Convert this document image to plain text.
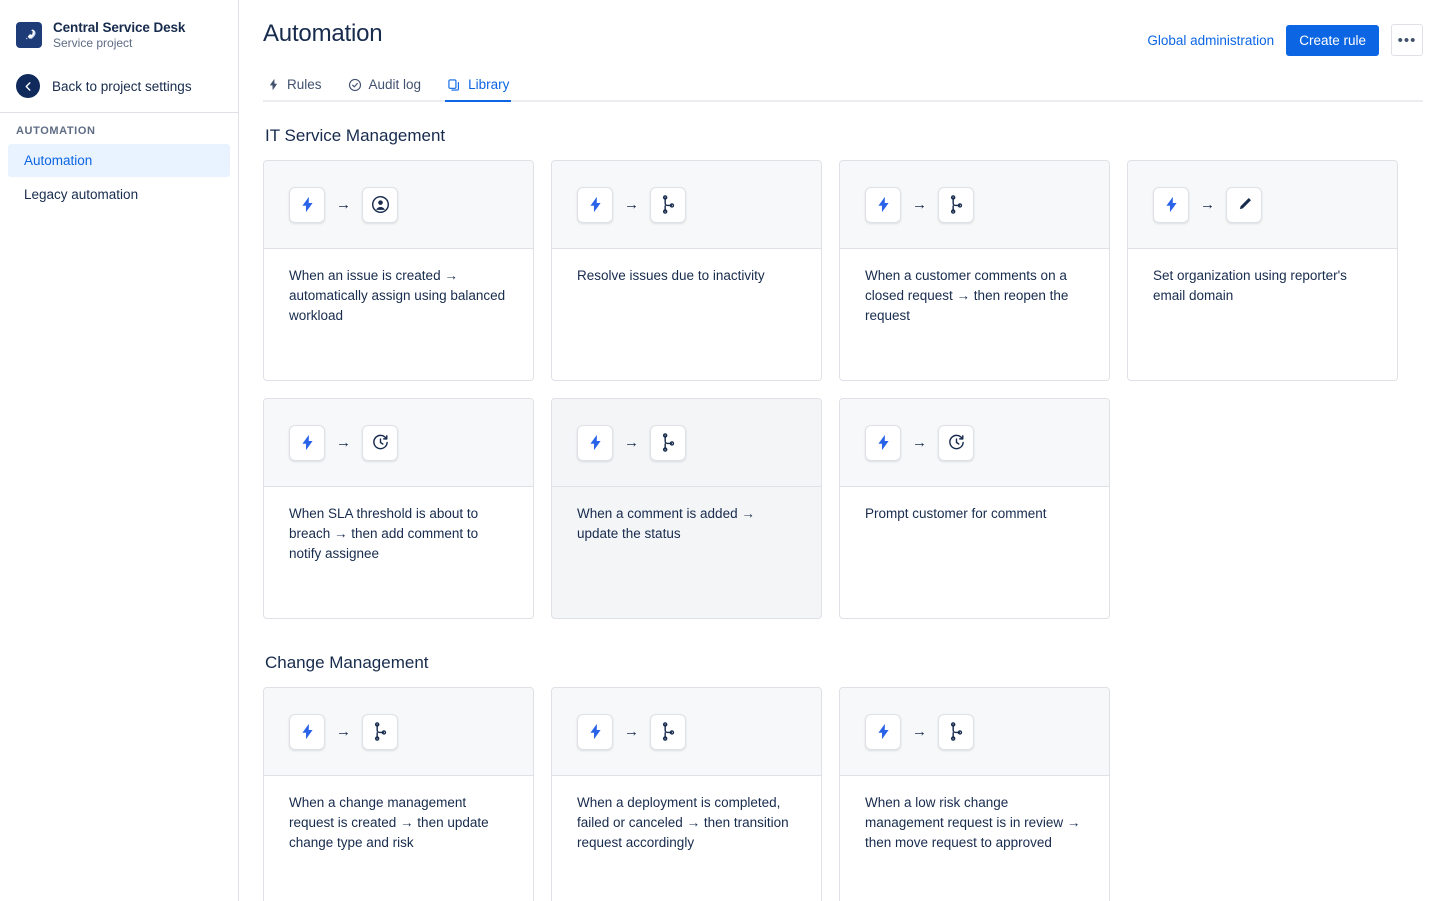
Central Service Desk
Service project
Back to project settings
AUTOMATION
Automation
Legacy automation
Automation	Global administration	Create rule	•••
Rules	Audit log	Library
IT Service Management
→
When an issue is created → automatically assign using balanced workload
→
Resolve issues due to inactivity
→
When a customer comments on a closed request → then reopen the request
→
Set organization using reporter's email domain
→
When SLA threshold is about to breach → then add comment to notify assignee
→
When a comment is added → update the status
→
Prompt customer for comment
Change Management
→
When a change management request is created → then update change type and risk
→
When a deployment is completed, failed or canceled → then transition request accordingly
→
When a low risk change management request is in review → then move request to approved
